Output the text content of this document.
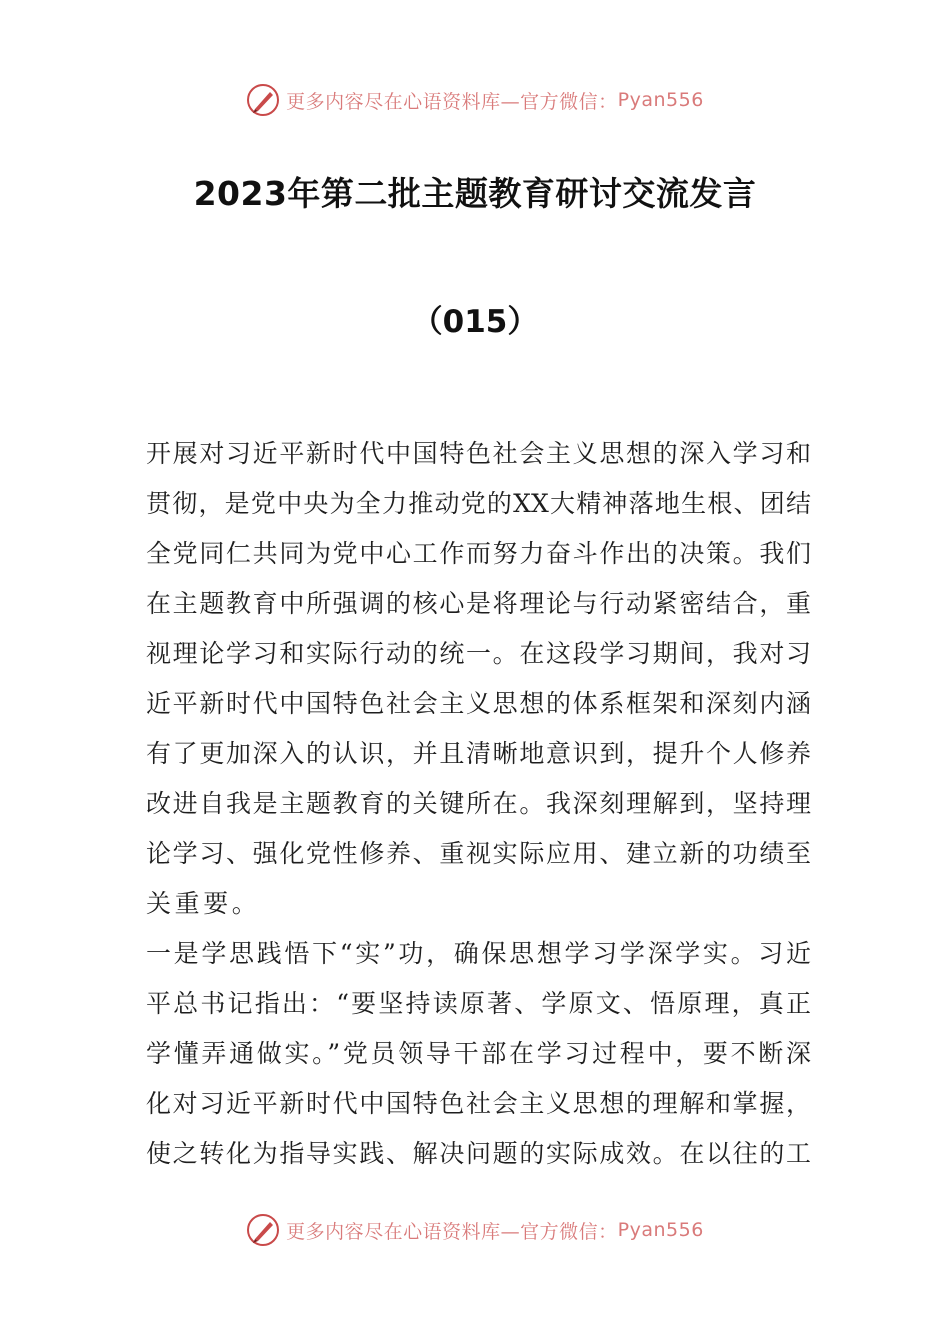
更多内容尽在心语资料库—官方微信： Pyan556
2023年第二批主题教育研讨交流发言
（015）
开展对习近平新时代中国特色社会主义思想的深入学习和
贯彻，是党中央为全力推动党的XX大精神落地生根、团结
全党同仁共同为党中心工作而努力奋斗作出的决策。我们
在主题教育中所强调的核心是将理论与行动紧密结合，重
视理论学习和实际行动的统一。在这段学习期间，我对习
近平新时代中国特色社会主义思想的体系框架和深刻内涵
有了更加深入的认识，并且清晰地意识到，提升个人修养
改进自我是主题教育的关键所在。我深刻理解到，坚持理
论学习、强化党性修养、重视实际应用、建立新的功绩至
关重要。
一是学思践悟下“实”功，确保思想学习学深学实。习近
平总书记指出：“要坚持读原著、学原文、悟原理，真正
学懂弄通做实。”党员领导干部在学习过程中，要不断深
化对习近平新时代中国特色社会主义思想的理解和掌握，
使之转化为指导实践、解决问题的实际成效。在以往的工
更多内容尽在心语资料库—官方微信： Pyan556
